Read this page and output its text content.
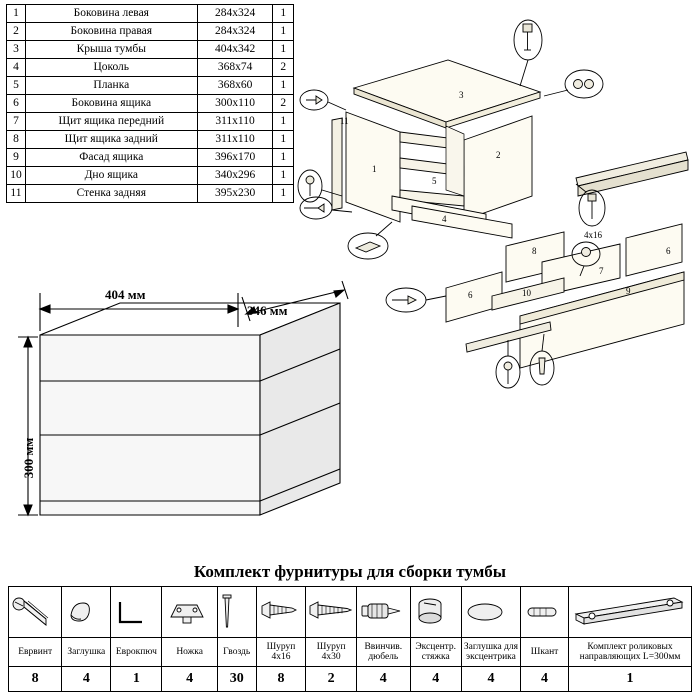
1	Боковина левая	284х324	1
2	Боковина правая	284х324	1
3	Крыша тумбы	404х342	1
4	Цоколь	368х74	2
5	Планка	368х60	1
6	Боковина ящика	300х110	2
7	Щит ящика передний	311х110	1
8	Щит ящика задний	311х110	1
9	Фасад ящика	396х170	1
10	Дно ящика	340х296	1
11	Стенка задняя	395х230	1
3
1
2
5
4
11
8
7
6
6	10	9
4х16
404 мм
346 мм
300 мм
Комплект фурнитуры для сборки тумбы

Еврвинт	Заглушка	Еврокпюч	Ножка	Гвоздь	Шуруп 4х16	Шуруп 4х30	Ввинчив. дюбель	Эксцентр. стяжка	Заглушка для эксцентрика	Шкант	Комплект роликовых направляющих L=300мм
8	4	1	4	30	8	2	4	4	4	4	1
